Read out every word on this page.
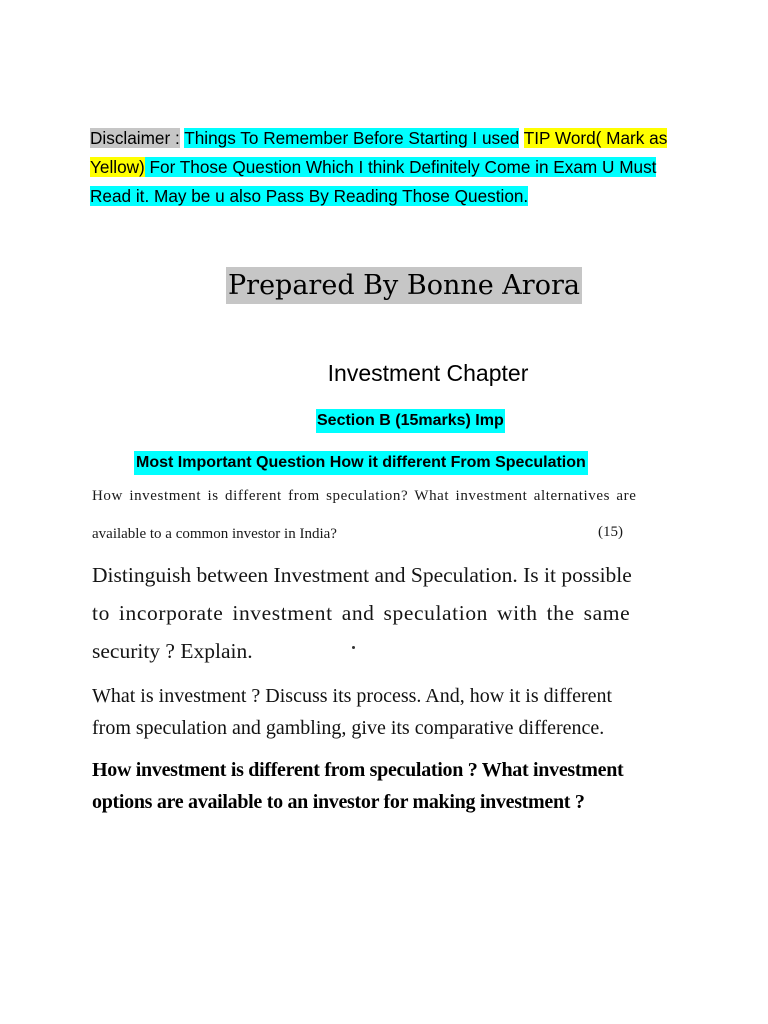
Disclaimer : Things To Remember Before Starting I used TIP Word( Mark as Yellow) For Those Question Which I think Definitely Come in Exam U Must Read it. May be u also Pass By Reading Those Question.
Prepared By Bonne Arora
Investment Chapter
Section B (15marks) Imp
Most Important Question How it different From Speculation
How investment is different from speculation? What investment alternatives are
available to a common investor in India?	(15)
Distinguish between Investment and Speculation. Is it possible
to incorporate investment and speculation with the same
security ? Explain.
What is investment ? Discuss its process. And, how it is different
from speculation and gambling, give its comparative difference.
How investment is different from speculation ? What investment
options are available to an investor for making investment ?
